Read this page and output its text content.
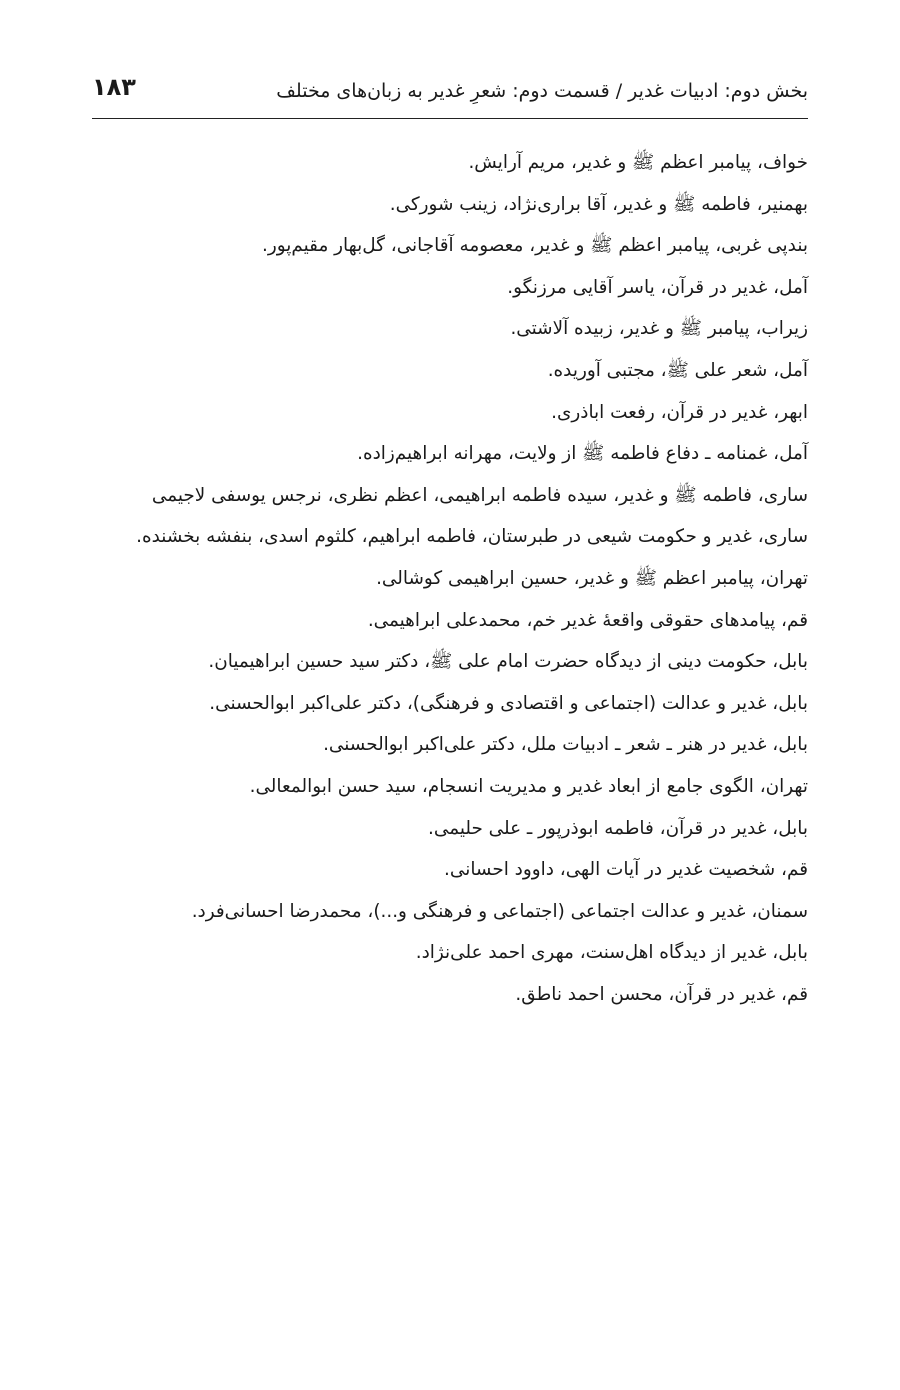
بخش دوم: ادبیات غدیر / قسمت دوم: شعرِ غدیر به زبان‌های مختلف
۱۸۳

خواف، پیامبر اعظم ﷺ و غدیر، مریم آرایش.

بهمنیر، فاطمه ﷺ و غدیر، آقا براری‌نژاد، زینب شورکی.

بندپی غربی، پیامبر اعظم ﷺ و غدیر، معصومه آقاجانی، گل‌بهار مقیم‌پور.

آمل، غدیر در قرآن، یاسر آقایی مرزنگو.

زیراب، پیامبر ﷺ و غدیر، زبیده آلاشتی.

آمل، شعر علی ﷺ، مجتبی آوریده.

ابهر، غدیر در قرآن، رفعت اباذری.

آمل، غمنامه ـ دفاع فاطمه ﷺ از ولایت، مهرانه ابراهیم‌زاده.

ساری، فاطمه ﷺ و غدیر، سیده فاطمه ابراهیمی، اعظم نظری، نرجس یوسفی لاجیمی

ساری، غدیر و حکومت شیعی در طبرستان، فاطمه ابراهیم، کلثوم اسدی، بنفشه بخشنده.

تهران، پیامبر اعظم ﷺ و غدیر، حسین ابراهیمی کوشالی.

قم، پیامدهای حقوقی واقعهٔ غدیر خم، محمدعلی ابراهیمی.

بابل، حکومت دینی از دیدگاه حضرت امام علی ﷺ، دکتر سید حسین ابراهیمیان.

بابل، غدیر و عدالت (اجتماعی و اقتصادی و فرهنگی)، دکتر علی‌اکبر ابوالحسنی.

بابل، غدیر در هنر ـ شعر ـ ادبیات ملل، دکتر علی‌اکبر ابوالحسنی.

تهران، الگوی جامع از ابعاد غدیر و مدیریت انسجام، سید حسن ابوالمعالی.

بابل، غدیر در قرآن، فاطمه ابوذرپور ـ علی حلیمی.

قم، شخصیت غدیر در آیات الهی، داوود احسانی.

سمنان، غدیر و عدالت اجتماعی (اجتماعی و فرهنگی و...)، محمدرضا احسانی‌فرد.

بابل، غدیر از دیدگاه اهل‌سنت، مهری احمد علی‌نژاد.

قم، غدیر در قرآن، محسن احمد ناطق.
